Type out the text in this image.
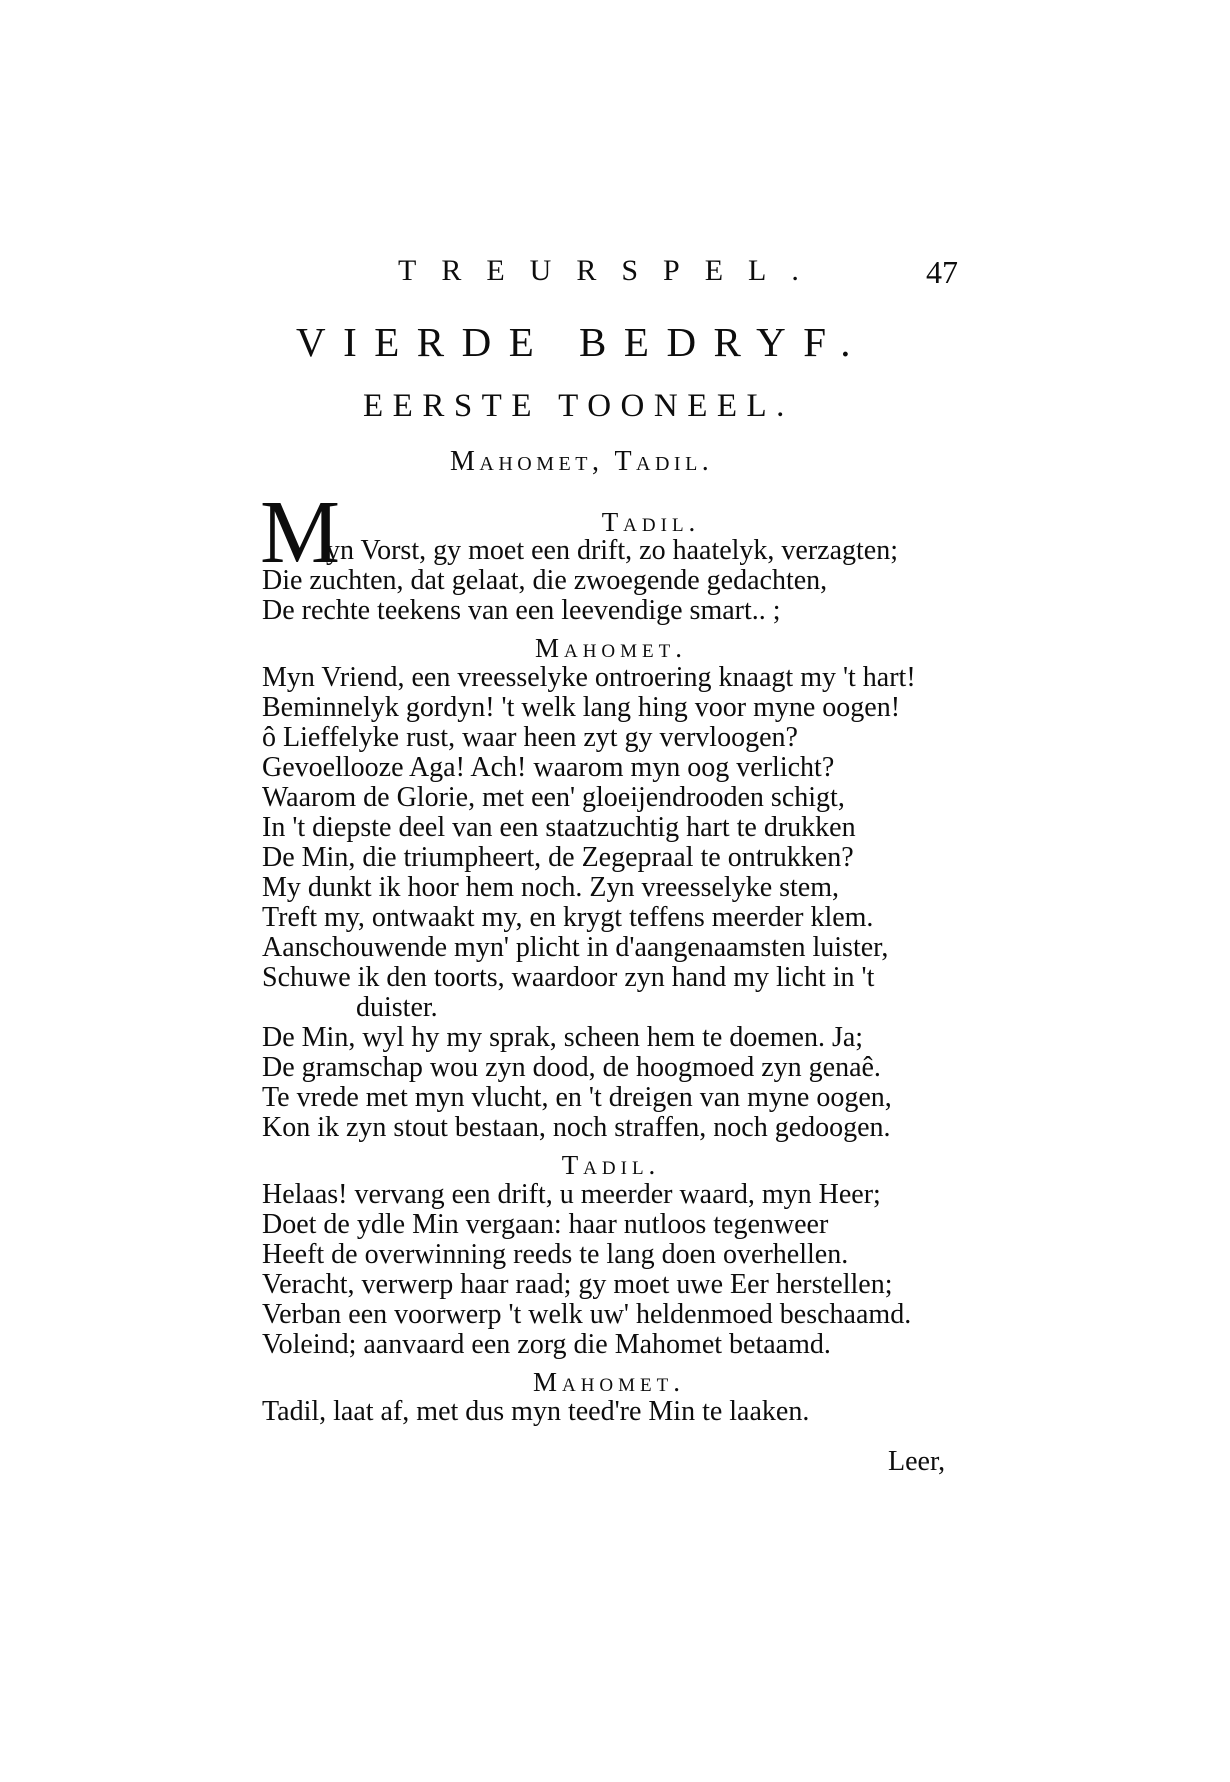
TREURSPEL.	47
VIERDE BEDRYF.
EERSTE TOONEEL.
Mahomet, Tadil.
M	Tadil.
yn Vorst, gy moet een drift, zo haatelyk, verzagten;
Die zuchten, dat gelaat, die zwoegende gedachten,
De rechte teekens van een leevendige smart.. ;
Mahomet.
Myn Vriend, een vreesselyke ontroering knaagt my 't hart!
Beminnelyk gordyn! 't welk lang hing voor myne oogen!
ô Lieffelyke rust, waar heen zyt gy vervloogen?
Gevoellooze Aga! Ach! waarom myn oog verlicht?
Waarom de Glorie, met een' gloeijendrooden schigt,
In 't diepste deel van een staatzuchtig hart te drukken
De Min, die triumpheert, de Zegepraal te ontrukken?
My dunkt ik hoor hem noch. Zyn vreesselyke stem,
Treft my, ontwaakt my, en krygt teffens meerder klem.
Aanschouwende myn' plicht in d'aangenaamsten luister,
Schuwe ik den toorts, waardoor zyn hand my licht in 't
duister.
De Min, wyl hy my sprak, scheen hem te doemen. Ja;
De gramschap wou zyn dood, de hoogmoed zyn genaê.
Te vrede met myn vlucht, en 't dreigen van myne oogen,
Kon ik zyn stout bestaan, noch straffen, noch gedoogen.
Tadil.
Helaas! vervang een drift, u meerder waard, myn Heer;
Doet de ydle Min vergaan: haar nutloos tegenweer
Heeft de overwinning reeds te lang doen overhellen.
Veracht, verwerp haar raad; gy moet uwe Eer herstellen;
Verban een voorwerp 't welk uw' heldenmoed beschaamd.
Voleind; aanvaard een zorg die Mahomet betaamd.
Mahomet.
Tadil, laat af, met dus myn teed're Min te laaken.
Leer,
